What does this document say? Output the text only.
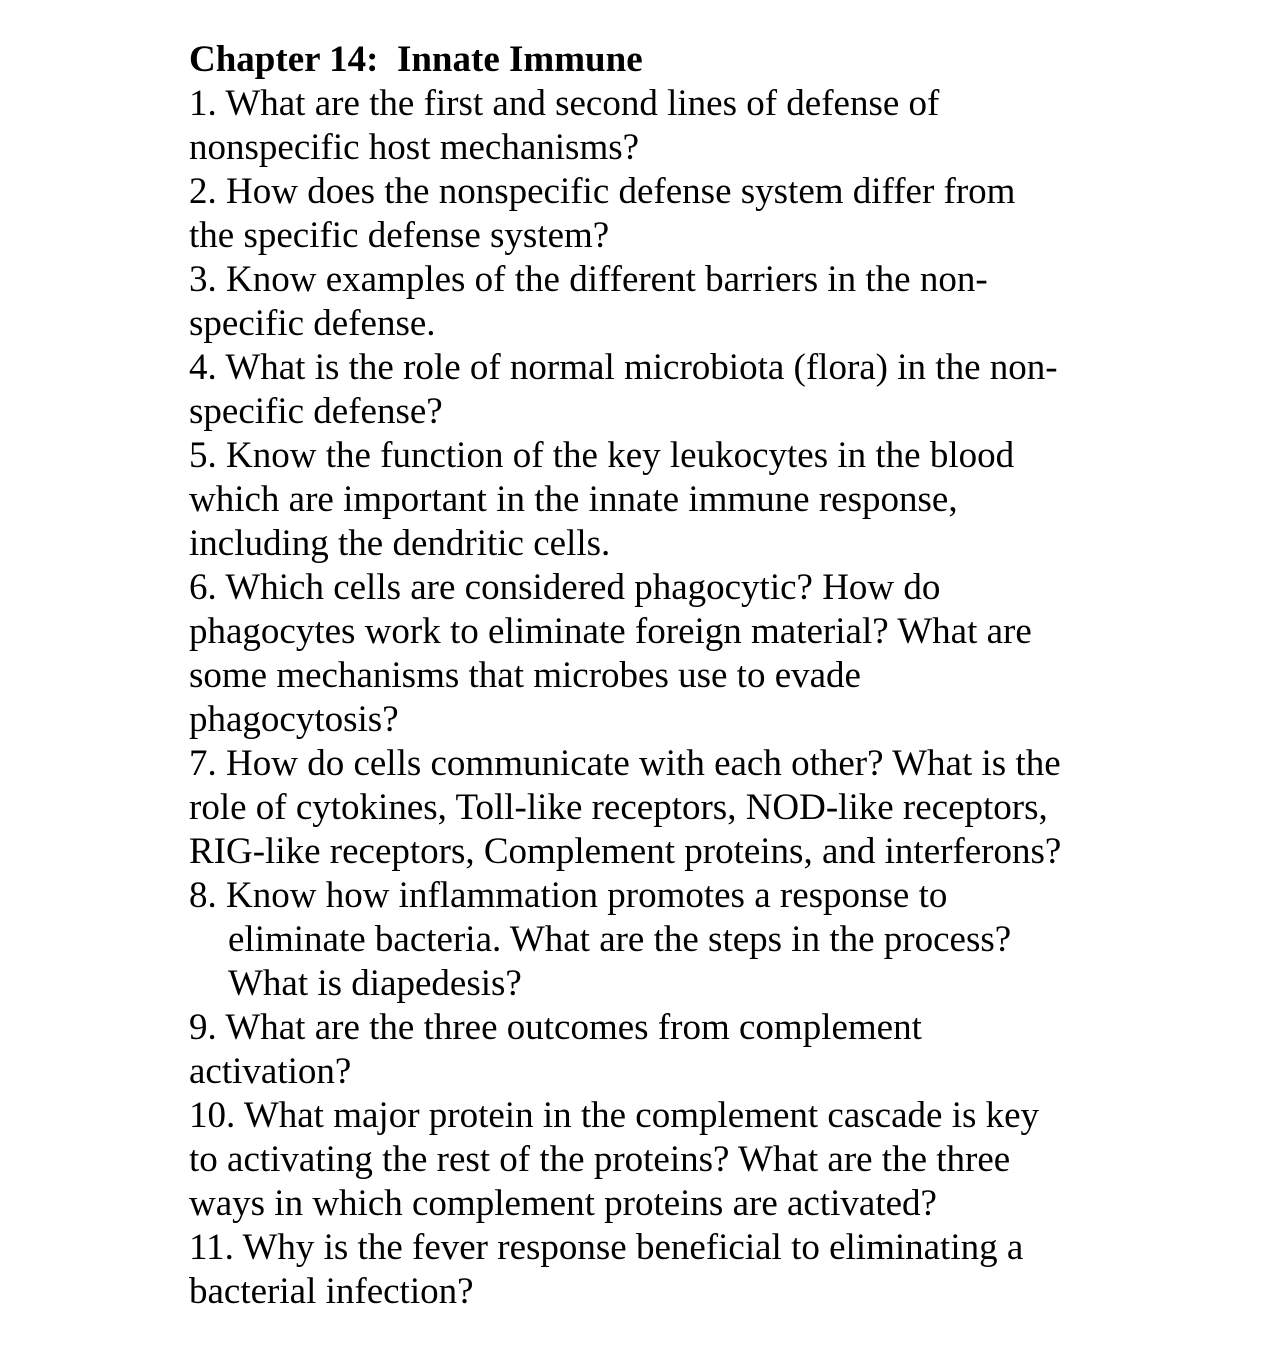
Chapter 14:  Innate Immune

1. What are the first and second lines of defense of
nonspecific host mechanisms?

2. How does the nonspecific defense system differ from
the specific defense system?

3. Know examples of the different barriers in the non-
specific defense.

4. What is the role of normal microbiota (flora) in the non-
specific defense?

5. Know the function of the key leukocytes in the blood
which are important in the innate immune response,
including the dendritic cells.

6. Which cells are considered phagocytic? How do
phagocytes work to eliminate foreign material? What are
some mechanisms that microbes use to evade
phagocytosis?

7. How do cells communicate with each other? What is the
role of cytokines, Toll-like receptors, NOD-like receptors,
RIG-like receptors, Complement proteins, and interferons?

8. Know how inflammation promotes a response to
eliminate bacteria. What are the steps in the process?
What is diapedesis?

9. What are the three outcomes from complement
activation?

10. What major protein in the complement cascade is key
to activating the rest of the proteins? What are the three
ways in which complement proteins are activated?

11. Why is the fever response beneficial to eliminating a
bacterial infection?
